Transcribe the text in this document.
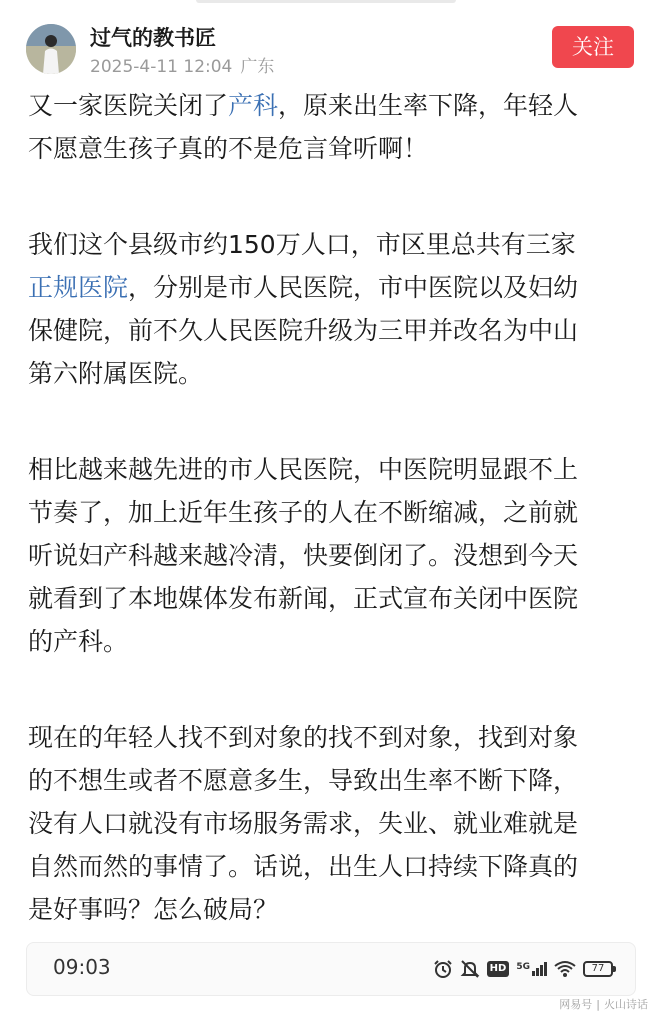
过气的教书匠
2025-4-11 12:04 广东
关注

又一家医院关闭了产科，原来出生率下降，年轻人

不愿意生孩子真的不是危言耸听啊！

我们这个县级市约150万人口，市区里总共有三家

正规医院，分别是市人民医院，市中医院以及妇幼

保健院，前不久人民医院升级为三甲并改名为中山

第六附属医院。

相比越来越先进的市人民医院，中医院明显跟不上

节奏了，加上近年生孩子的人在不断缩减，之前就

听说妇产科越来越冷清，快要倒闭了。没想到今天

就看到了本地媒体发布新闻，正式宣布关闭中医院

的产科。

现在的年轻人找不到对象的找不到对象，找到对象

的不想生或者不愿意多生，导致出生率不断下降，

没有人口就没有市场服务需求，失业、就业难就是

自然而然的事情了。话说，出生人口持续下降真的

是好事吗？怎么破局？

09:03	HD	5G	77
网易号 | 火山诗话
